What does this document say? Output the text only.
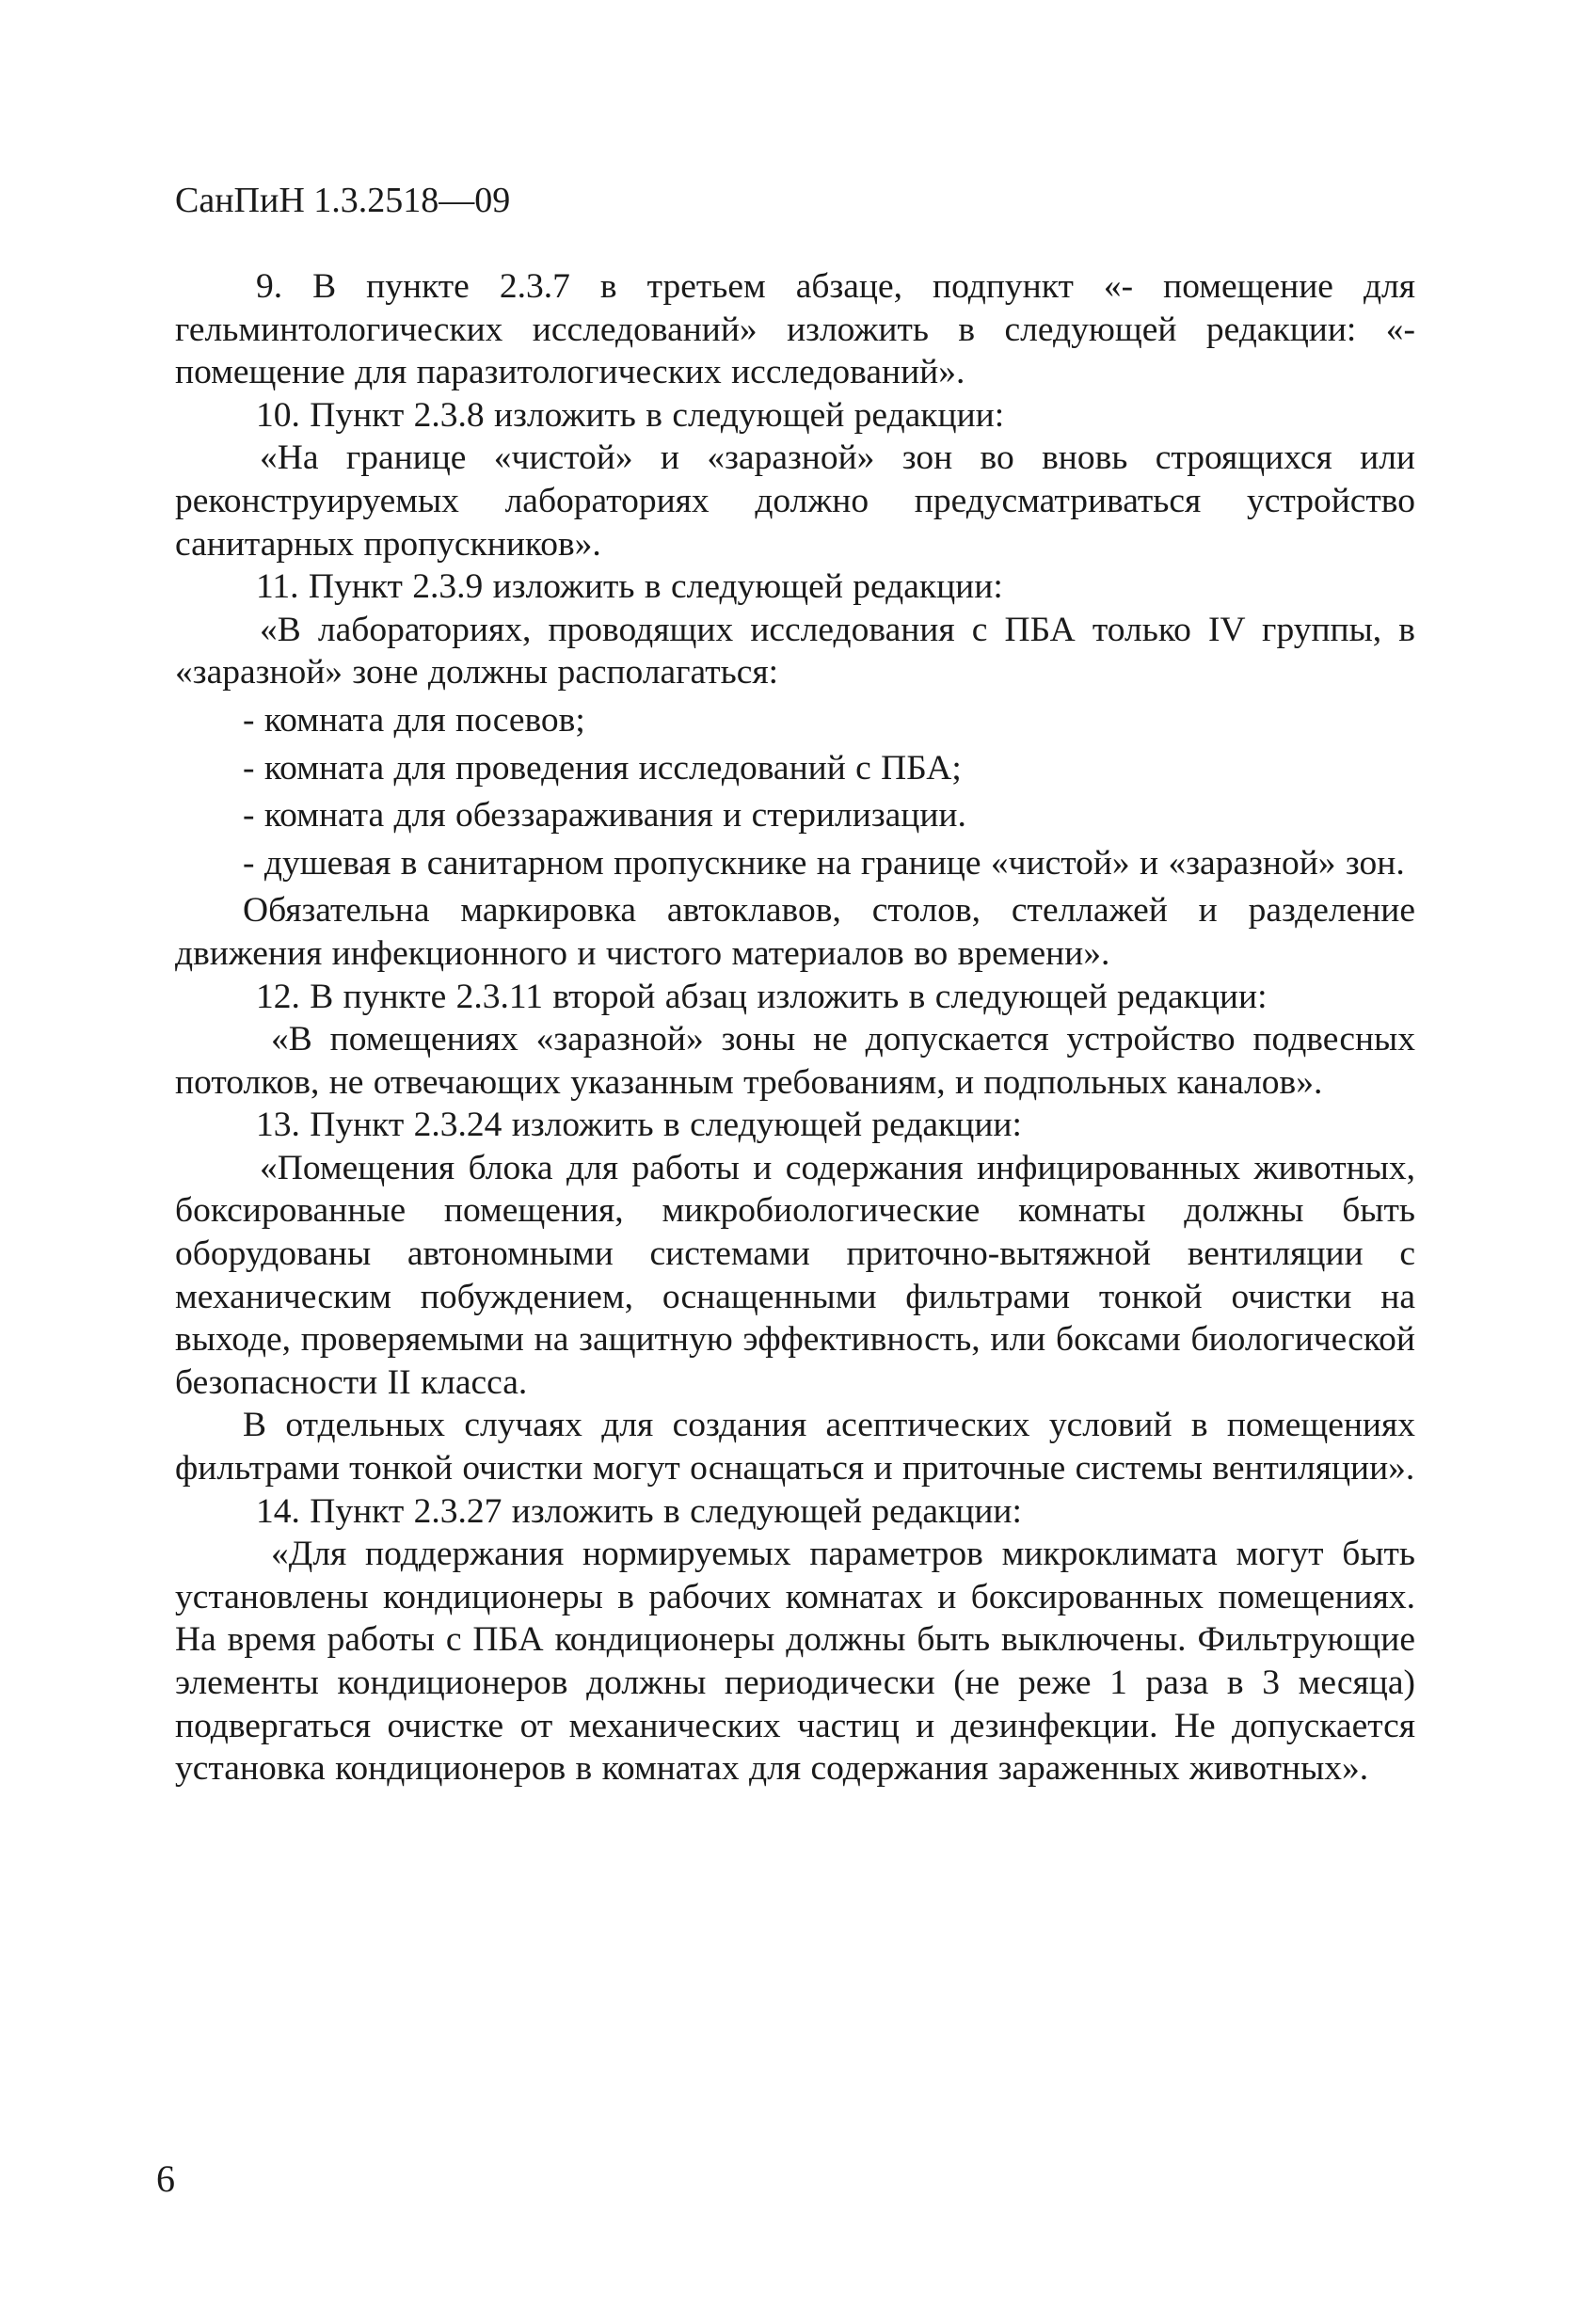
СанПиН 1.3.2518—09

9. В пункте 2.3.7 в третьем абзаце, подпункт «- помещение для гельминтологических исследований» изложить в следующей редакции: «- помещение для паразитологических исследований».

10. Пункт 2.3.8 изложить в следующей редакции:

«На границе «чистой» и «заразной» зон во вновь строящихся или реконструируемых лабораториях должно предусматриваться устройство санитарных пропускников».

11. Пункт 2.3.9 изложить в следующей редакции:

«В лабораториях, проводящих исследования с ПБА только IV группы, в «заразной» зоне должны располагаться:

- комната для посевов;

- комната для проведения исследований с ПБА;

- комната для обеззараживания и стерилизации.

- душевая в санитарном пропускнике на границе «чистой» и «заразной» зон.

Обязательна маркировка автоклавов, столов, стеллажей и разделение движения инфекционного и чистого материалов во времени».

12. В пункте 2.3.11 второй абзац изложить в следующей редакции:

«В помещениях «заразной» зоны не допускается устройство подвесных потолков, не отвечающих указанным требованиям, и подпольных каналов».

13. Пункт 2.3.24 изложить в следующей редакции:

«Помещения блока для работы и содержания инфицированных животных, боксированные помещения, микробиологические комнаты должны быть оборудованы автономными системами приточно-вытяжной вентиляции с механическим побуждением, оснащенными фильтрами тонкой очистки на выходе, проверяемыми на защитную эффективность, или боксами биологической безопасности II класса.

В отдельных случаях для создания асептических условий в помещениях фильтрами тонкой очистки могут оснащаться и приточные системы вентиляции».

14. Пункт 2.3.27 изложить в следующей редакции:

«Для поддержания нормируемых параметров микроклимата могут быть установлены кондиционеры в рабочих комнатах и боксированных помещениях. На время работы с ПБА кондиционеры должны быть выключены. Фильтрующие элементы кондиционеров должны периодически (не реже 1 раза в 3 месяца) подвергаться очистке от механических частиц и дезинфекции. Не допускается установка кондиционеров в комнатах для содержания зараженных животных».

6
